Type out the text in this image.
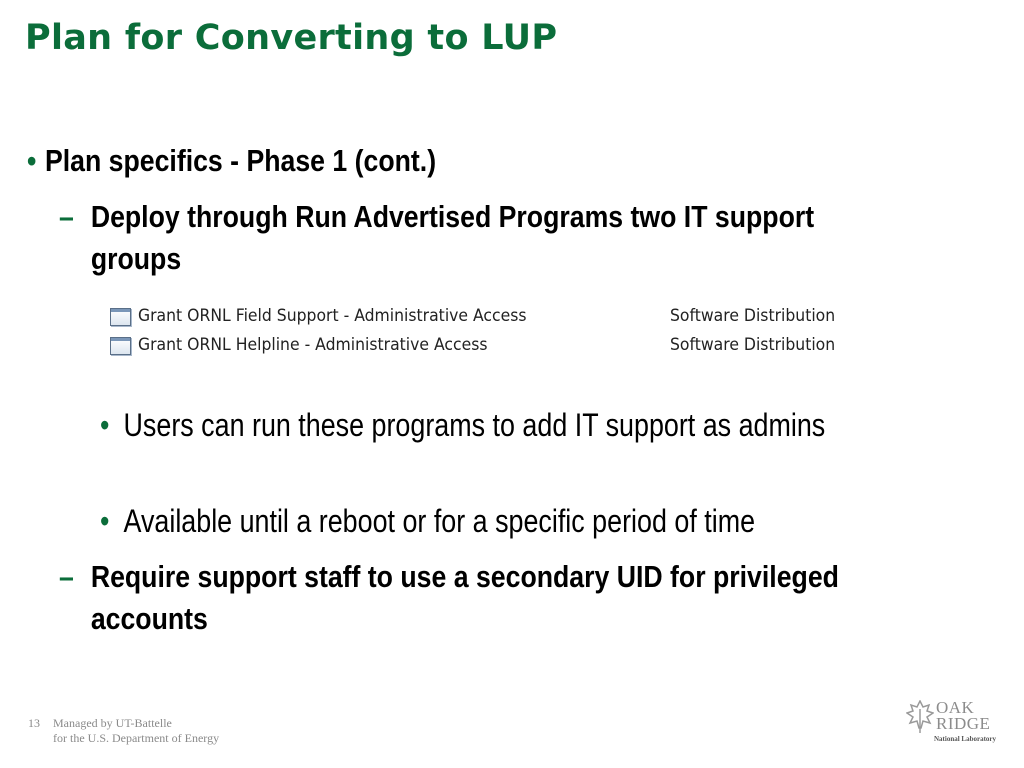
Plan for Converting to LUP
• Plan specifics - Phase 1 (cont.)
– Deploy through Run Advertised Programs two IT support groups
Grant ORNL Field Support - Administrative Access	Software Distribution
Grant ORNL Helpline - Administrative Access	Software Distribution
• Users can run these programs to add IT support as admins
• Available until a reboot or for a specific period of time
– Require support staff to use a secondary UID for privileged accounts
13 Managed by UT-Battelle
for the U.S. Department of Energy
OAK
RIDGE
National Laboratory
